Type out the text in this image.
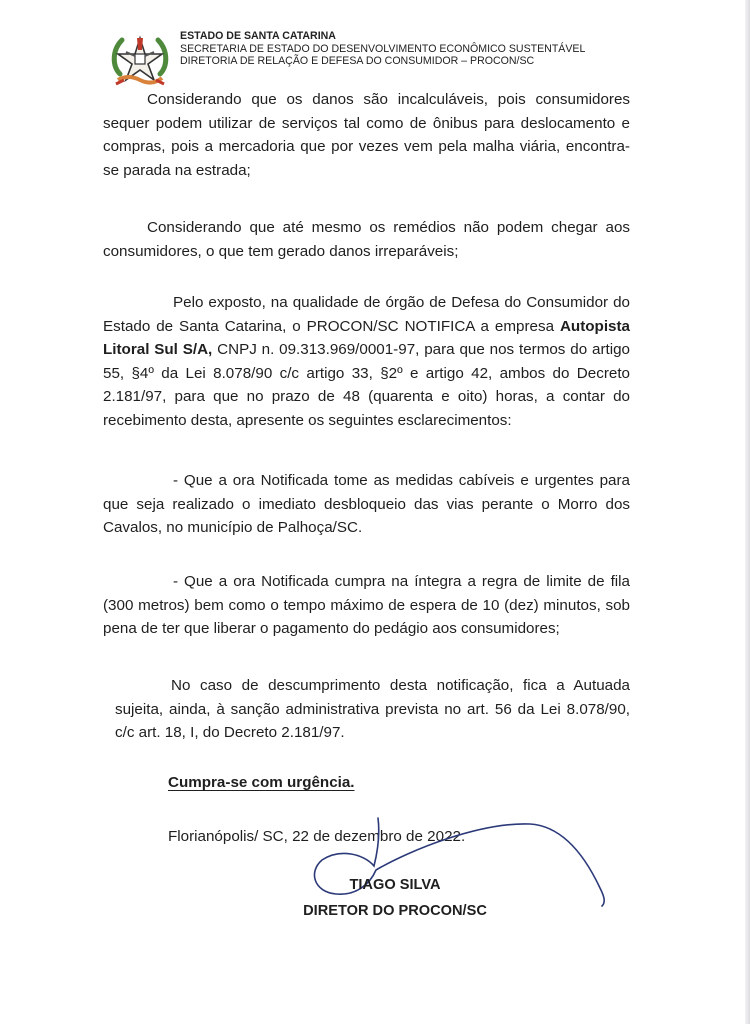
ESTADO DE SANTA CATARINA
SECRETARIA DE ESTADO DO DESENVOLVIMENTO ECONÔMICO SUSTENTÁVEL
DIRETORIA DE RELAÇÃO E DEFESA DO CONSUMIDOR – PROCON/SC
Considerando que os danos são incalculáveis, pois consumidores sequer podem utilizar de serviços tal como de ônibus para deslocamento e compras, pois a mercadoria que por vezes vem pela malha viária, encontra-se parada na estrada;
Considerando que até mesmo os remédios não podem chegar aos consumidores, o que tem gerado danos irreparáveis;
Pelo exposto, na qualidade de órgão de Defesa do Consumidor do Estado de Santa Catarina, o PROCON/SC NOTIFICA a empresa Autopista Litoral Sul S/A, CNPJ n. 09.313.969/0001-97, para que nos termos do artigo 55, §4º da Lei 8.078/90 c/c artigo 33, §2º e artigo 42, ambos do Decreto 2.181/97, para que no prazo de 48 (quarenta e oito) horas, a contar do recebimento desta, apresente os seguintes esclarecimentos:
- Que a ora Notificada tome as medidas cabíveis e urgentes para que seja realizado o imediato desbloqueio das vias perante o Morro dos Cavalos, no município de Palhoça/SC.
- Que a ora Notificada cumpra na íntegra a regra de limite de fila (300 metros) bem como o tempo máximo de espera de 10 (dez) minutos, sob pena de ter que liberar o pagamento do pedágio aos consumidores;
No caso de descumprimento desta notificação, fica a Autuada sujeita, ainda, à sanção administrativa prevista no art. 56 da Lei 8.078/90, c/c art. 18, I, do Decreto 2.181/97.
Cumpra-se com urgência.
Florianópolis/ SC, 22 de dezembro de 2022.
TIAGO SILVA
DIRETOR DO PROCON/SC
